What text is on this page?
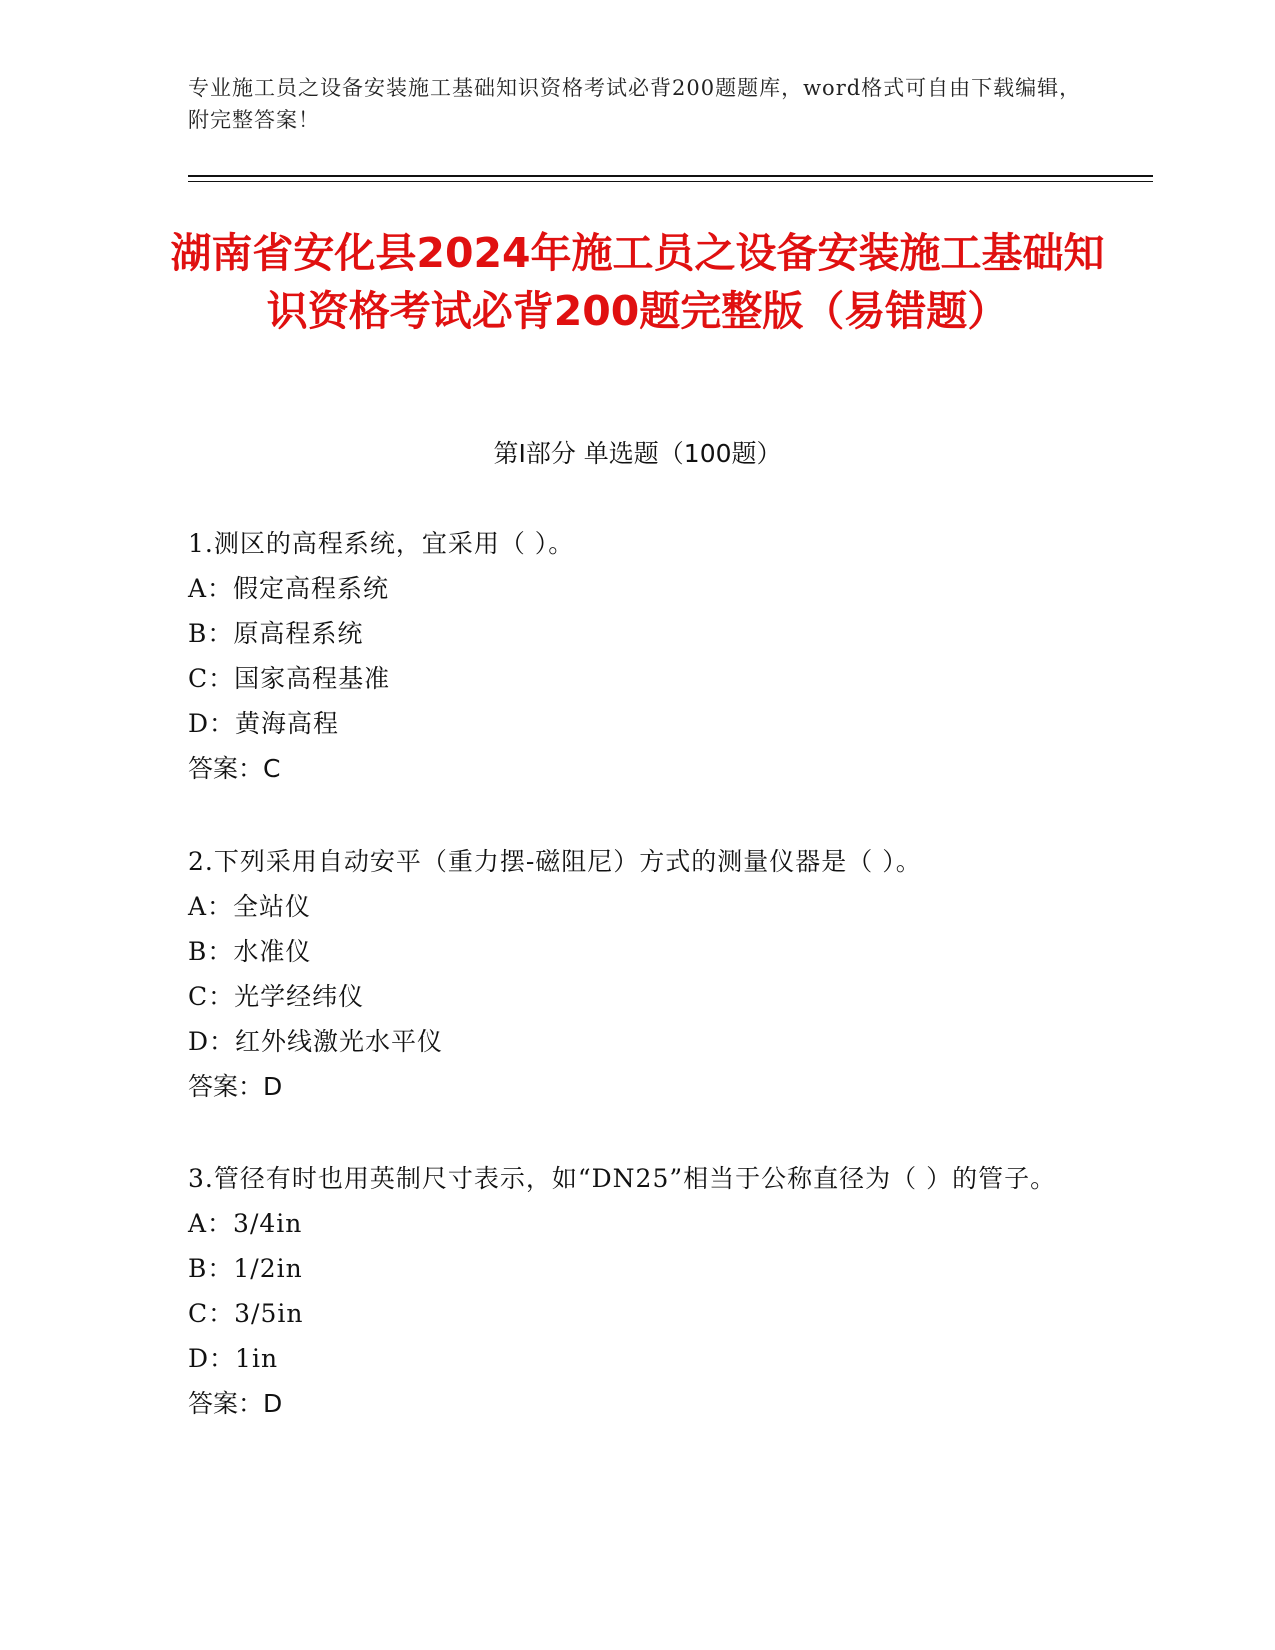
专业施工员之设备安装施工基础知识资格考试必背200题题库，word格式可自由下载编辑，附完整答案！
湖南省安化县2024年施工员之设备安装施工基础知识资格考试必背200题完整版（易错题）
第Ⅰ部分 单选题（100题）

1.测区的高程系统，宜采用（ ）。

A：假定高程系统

B：原高程系统

C：国家高程基准

D：黄海高程

答案：C

2.下列采用自动安平（重力摆-磁阻尼）方式的测量仪器是（ ）。

A：全站仪

B：水准仪

C：光学经纬仪

D：红外线激光水平仪

答案：D

3.管径有时也用英制尺寸表示，如“DN25”相当于公称直径为（ ）的管子。

A：3/4in

B：1/2in

C：3/5in

D：1in

答案：D
